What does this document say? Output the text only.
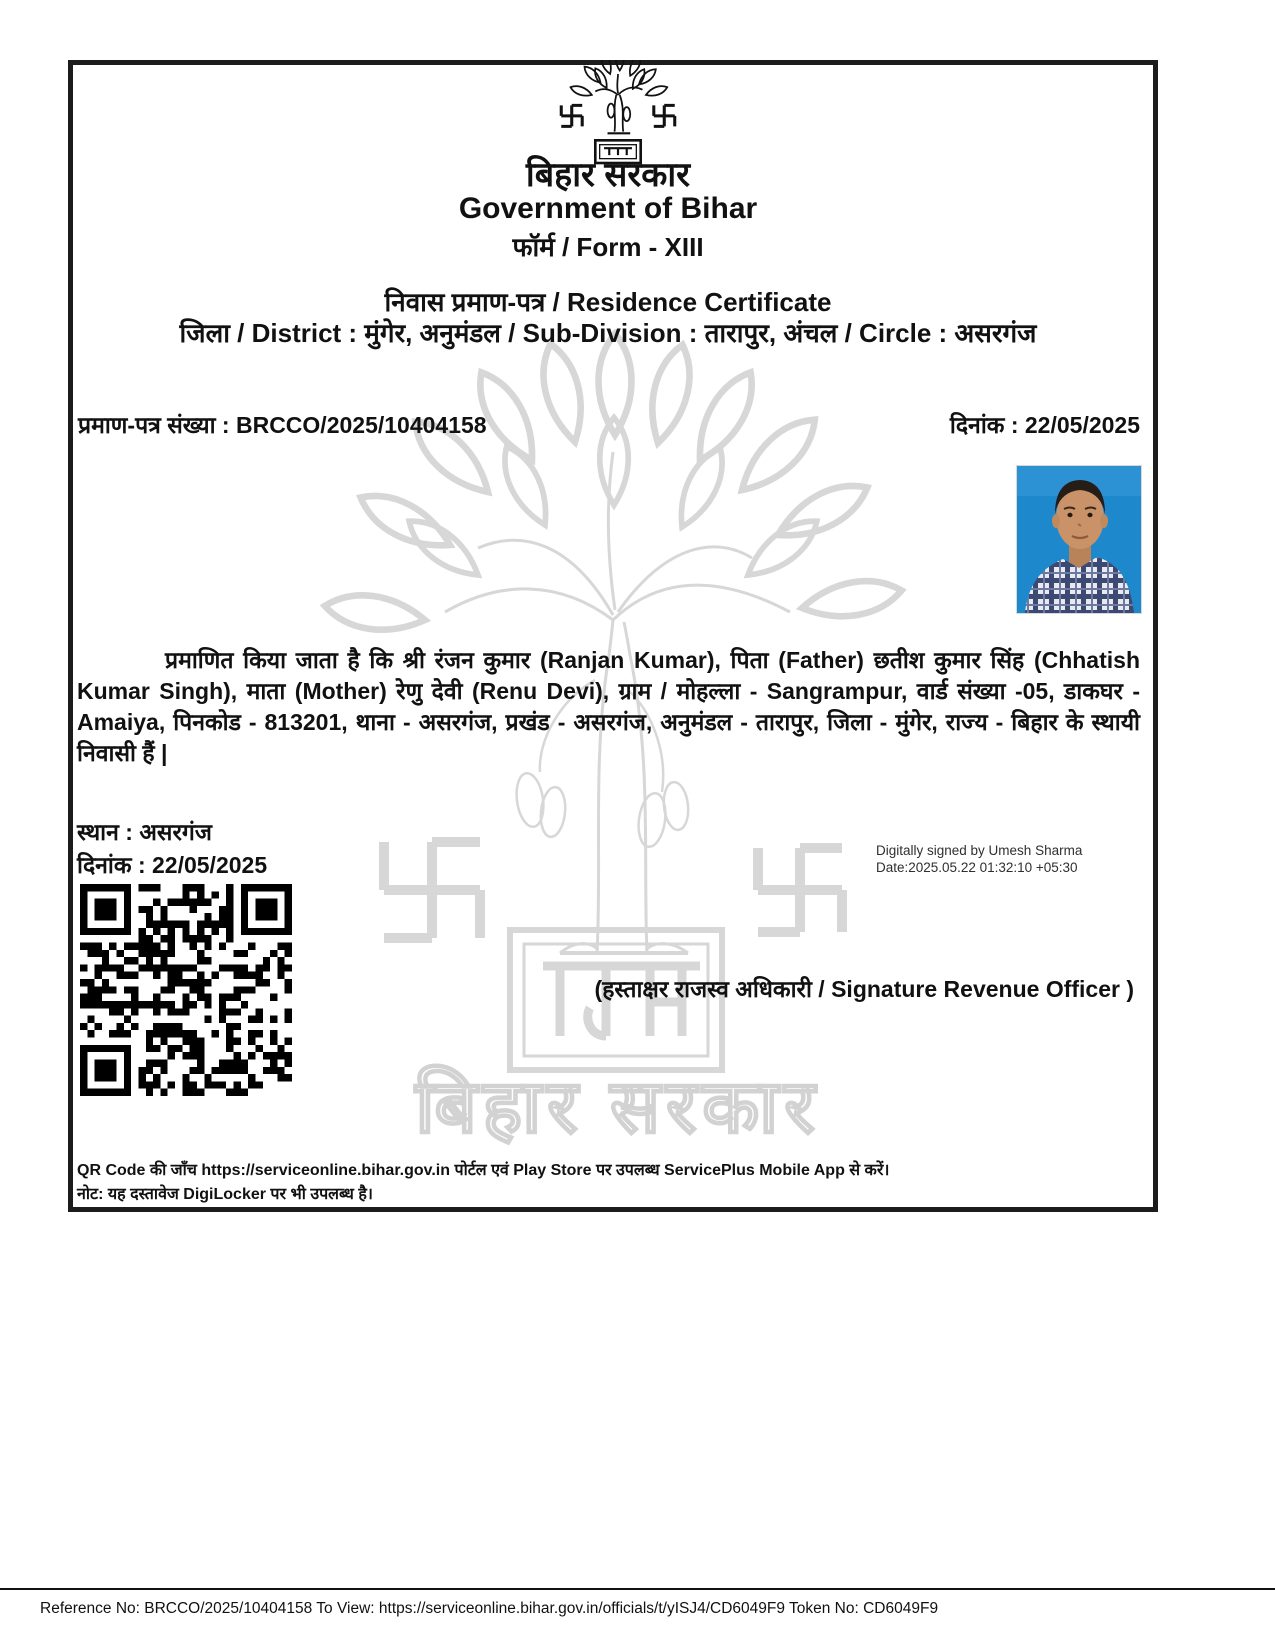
बिहार सरकार
बिहार सरकार
Government of Bihar
फॉर्म / Form - XIII
निवास प्रमाण-पत्र / Residence Certificate
जिला / District : मुंगेर, अनुमंडल / Sub-Division : तारापुर, अंचल / Circle : असरगंज
प्रमाण-पत्र संख्या : BRCCO/2025/10404158	दिनांक : 22/05/2025

प्रमाणित किया जाता है कि श्री रंजन कुमार (Ranjan Kumar), पिता (Father) छतीश कुमार सिंह (Chhatish Kumar Singh), माता (Mother) रेणु देवी (Renu Devi), ग्राम / मोहल्ला - Sangrampur, वार्ड संख्या -05, डाकघर - Amaiya, पिनकोड - 813201, थाना - असरगंज, प्रखंड - असरगंज, अनुमंडल - तारापुर, जिला - मुंगेर, राज्य - बिहार के स्थायी निवासी हैं |

स्थान : असरगंज
दिनांक : 22/05/2025
Digitally signed by Umesh Sharma
Date:2025.05.22 01:32:10 +05:30
(हस्ताक्षर राजस्व अधिकारी / Signature Revenue Officer )
QR Code की जाँच https://serviceonline.bihar.gov.in पोर्टल एवं Play Store पर उपलब्ध ServicePlus Mobile App से करें।
नोट: यह दस्तावेज DigiLocker पर भी उपलब्ध है।
Reference No: BRCCO/2025/10404158 To View: https://serviceonline.bihar.gov.in/officials/t/yISJ4/CD6049F9 Token No: CD6049F9
